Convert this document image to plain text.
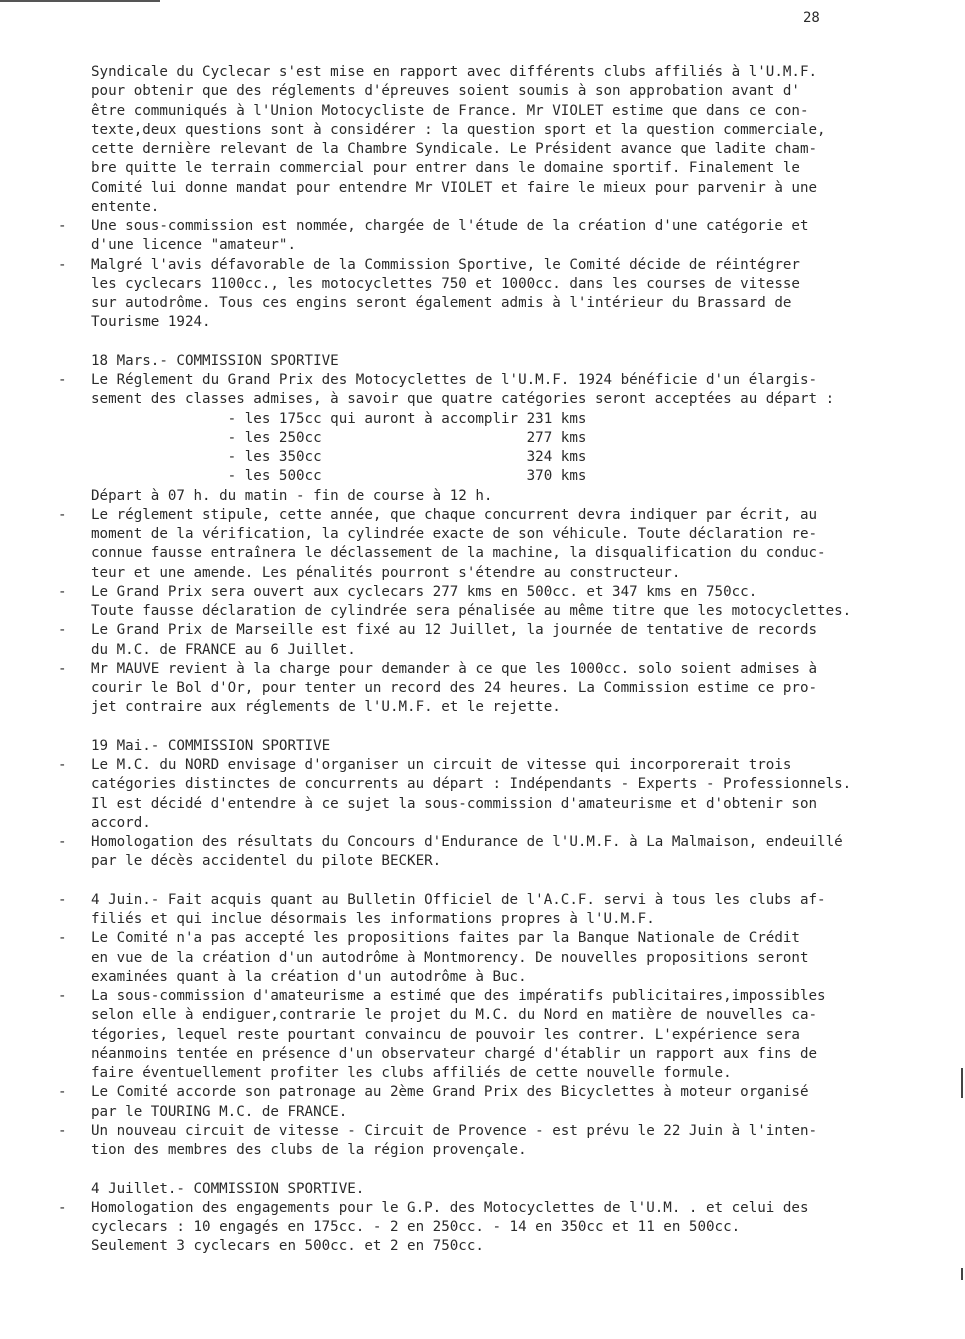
28
Syndicale du Cyclecar s'est mise en rapport avec différents clubs affiliés à l'U.M.F.
pour obtenir que des réglements d'épreuves soient soumis à son approbation avant d'
être communiqués à l'Union Motocycliste de France. Mr VIOLET estime que dans ce con-
texte,deux questions sont à considérer : la question sport et la question commerciale,
cette dernière relevant de la Chambre Syndicale. Le Président avance que ladite cham-
bre quitte le terrain commercial pour entrer dans le domaine sportif. Finalement le
Comité lui donne mandat pour entendre Mr VIOLET et faire le mieux pour parvenir à une
entente.
- Une sous-commission est nommée, chargée de l'étude de la création d'une catégorie et
d'une licence "amateur".
- Malgré l'avis défavorable de la Commission Sportive, le Comité décide de réintégrer
les cyclecars 1100cc., les motocyclettes 750 et 1000cc. dans les courses de vitesse
sur autodrôme. Tous ces engins seront également admis à l'intérieur du Brassard de
Tourisme 1924.
18 Mars.- COMMISSION SPORTIVE
- Le Réglement du Grand Prix des Motocyclettes de l'U.M.F. 1924 bénéficie d'un élargis-
sement des classes admises, à savoir que quatre catégories seront acceptées au départ :
- les 175cc qui auront à accomplir 231 kms
- les 250cc                        277 kms
- les 350cc                        324 kms
- les 500cc                        370 kms
Départ à 07 h. du matin - fin de course à 12 h.
- Le réglement stipule, cette année, que chaque concurrent devra indiquer par écrit, au
moment de la vérification, la cylindrée exacte de son véhicule. Toute déclaration re-
connue fausse entraînera le déclassement de la machine, la disqualification du conduc-
teur et une amende. Les pénalités pourront s'étendre au constructeur.
- Le Grand Prix sera ouvert aux cyclecars 277 kms en 500cc. et 347 kms en 750cc.
Toute fausse déclaration de cylindrée sera pénalisée au même titre que les motocyclettes.
- Le Grand Prix de Marseille est fixé au 12 Juillet, la journée de tentative de records
du M.C. de FRANCE au 6 Juillet.
- Mr MAUVE revient à la charge pour demander à ce que les 1000cc. solo soient admises à
courir le Bol d'Or, pour tenter un record des 24 heures. La Commission estime ce pro-
jet contraire aux réglements de l'U.M.F. et le rejette.
19 Mai.- COMMISSION SPORTIVE
- Le M.C. du NORD envisage d'organiser un circuit de vitesse qui incorporerait trois
catégories distinctes de concurrents au départ : Indépendants - Experts - Professionnels.
Il est décidé d'entendre à ce sujet la sous-commission d'amateurisme et d'obtenir son
accord.
- Homologation des résultats du Concours d'Endurance de l'U.M.F. à La Malmaison, endeuillé
par le décès accidentel du pilote BECKER.
- 4 Juin.- Fait acquis quant au Bulletin Officiel de l'A.C.F. servi à tous les clubs af-
filiés et qui inclue désormais les informations propres à l'U.M.F.
- Le Comité n'a pas accepté les propositions faites par la Banque Nationale de Crédit
en vue de la création d'un autodrôme à Montmorency. De nouvelles propositions seront
examinées quant à la création d'un autodrôme à Buc.
- La sous-commission d'amateurisme a estimé que des impératifs publicitaires,impossibles
selon elle à endiguer,contrarie le projet du M.C. du Nord en matière de nouvelles ca-
tégories, lequel reste pourtant convaincu de pouvoir les contrer. L'expérience sera
néanmoins tentée en présence d'un observateur chargé d'établir un rapport aux fins de
faire éventuellement profiter les clubs affiliés de cette nouvelle formule.
- Le Comité accorde son patronage au 2ème Grand Prix des Bicyclettes à moteur organisé
par le TOURING M.C. de FRANCE.
- Un nouveau circuit de vitesse - Circuit de Provence - est prévu le 22 Juin à l'inten-
tion des membres des clubs de la région provençale.
4 Juillet.- COMMISSION SPORTIVE.
- Homologation des engagements pour le G.P. des Motocyclettes de l'U.M. . et celui des
cyclecars : 10 engagés en 175cc. - 2 en 250cc. - 14 en 350cc et 11 en 500cc.
Seulement 3 cyclecars en 500cc. et 2 en 750cc.
